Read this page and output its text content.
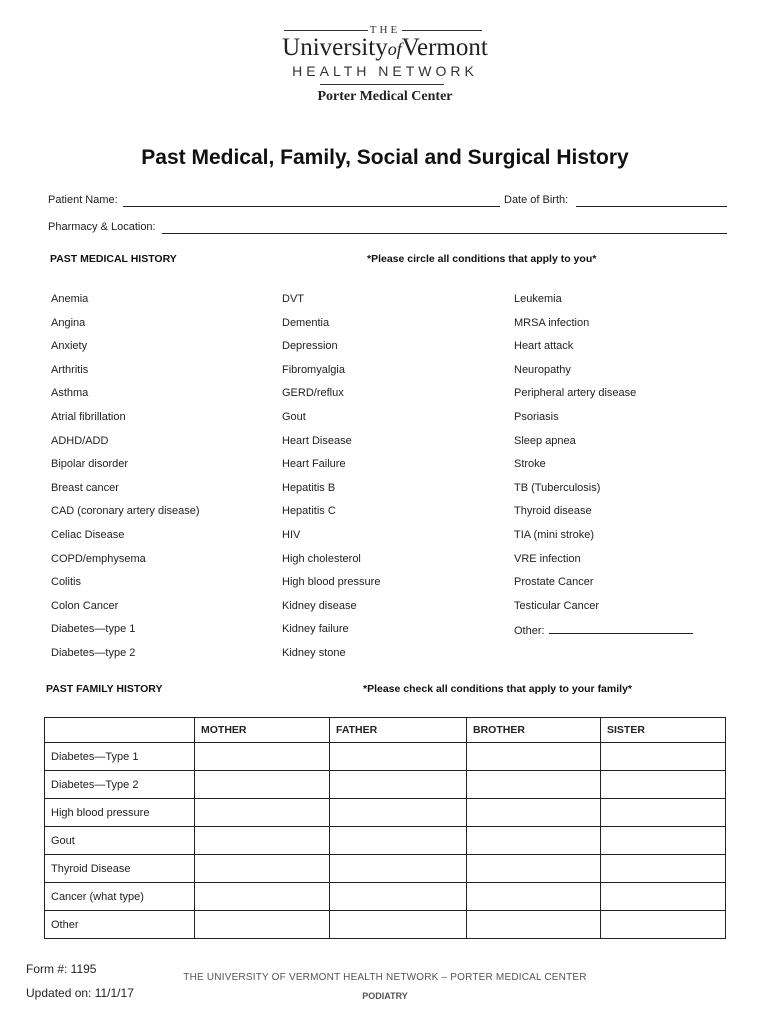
THE
UniversityofVermont
HEALTH NETWORK
Porter Medical Center
Past Medical, Family, Social and Surgical History
Patient Name:	Date of Birth:
Pharmacy & Location:
PAST MEDICAL HISTORY	*Please circle all conditions that apply to you*
Anemia
Angina
Anxiety
Arthritis
Asthma
Atrial fibrillation
ADHD/ADD
Bipolar disorder
Breast cancer
CAD (coronary artery disease)
Celiac Disease
COPD/emphysema
Colitis
Colon Cancer
Diabetes—type 1
Diabetes—type 2
DVT
Dementia
Depression
Fibromyalgia
GERD/reflux
Gout
Heart Disease
Heart Failure
Hepatitis B
Hepatitis C
HIV
High cholesterol
High blood pressure
Kidney disease
Kidney failure
Kidney stone
Leukemia
MRSA infection
Heart attack
Neuropathy
Peripheral artery disease
Psoriasis
Sleep apnea
Stroke
TB (Tuberculosis)
Thyroid disease
TIA (mini stroke)
VRE infection
Prostate Cancer
Testicular Cancer
Other:
PAST FAMILY HISTORY	*Please check all conditions that apply to your family*
	MOTHER	FATHER	BROTHER	SISTER
Diabetes—Type 1				
Diabetes—Type 2				
High blood pressure				
Gout				
Thyroid Disease				
Cancer (what type)				
Other				
Form #: 1195
Updated on: 11/1/17
THE UNIVERSITY OF VERMONT HEALTH NETWORK – PORTER MEDICAL CENTER
PODIATRY
